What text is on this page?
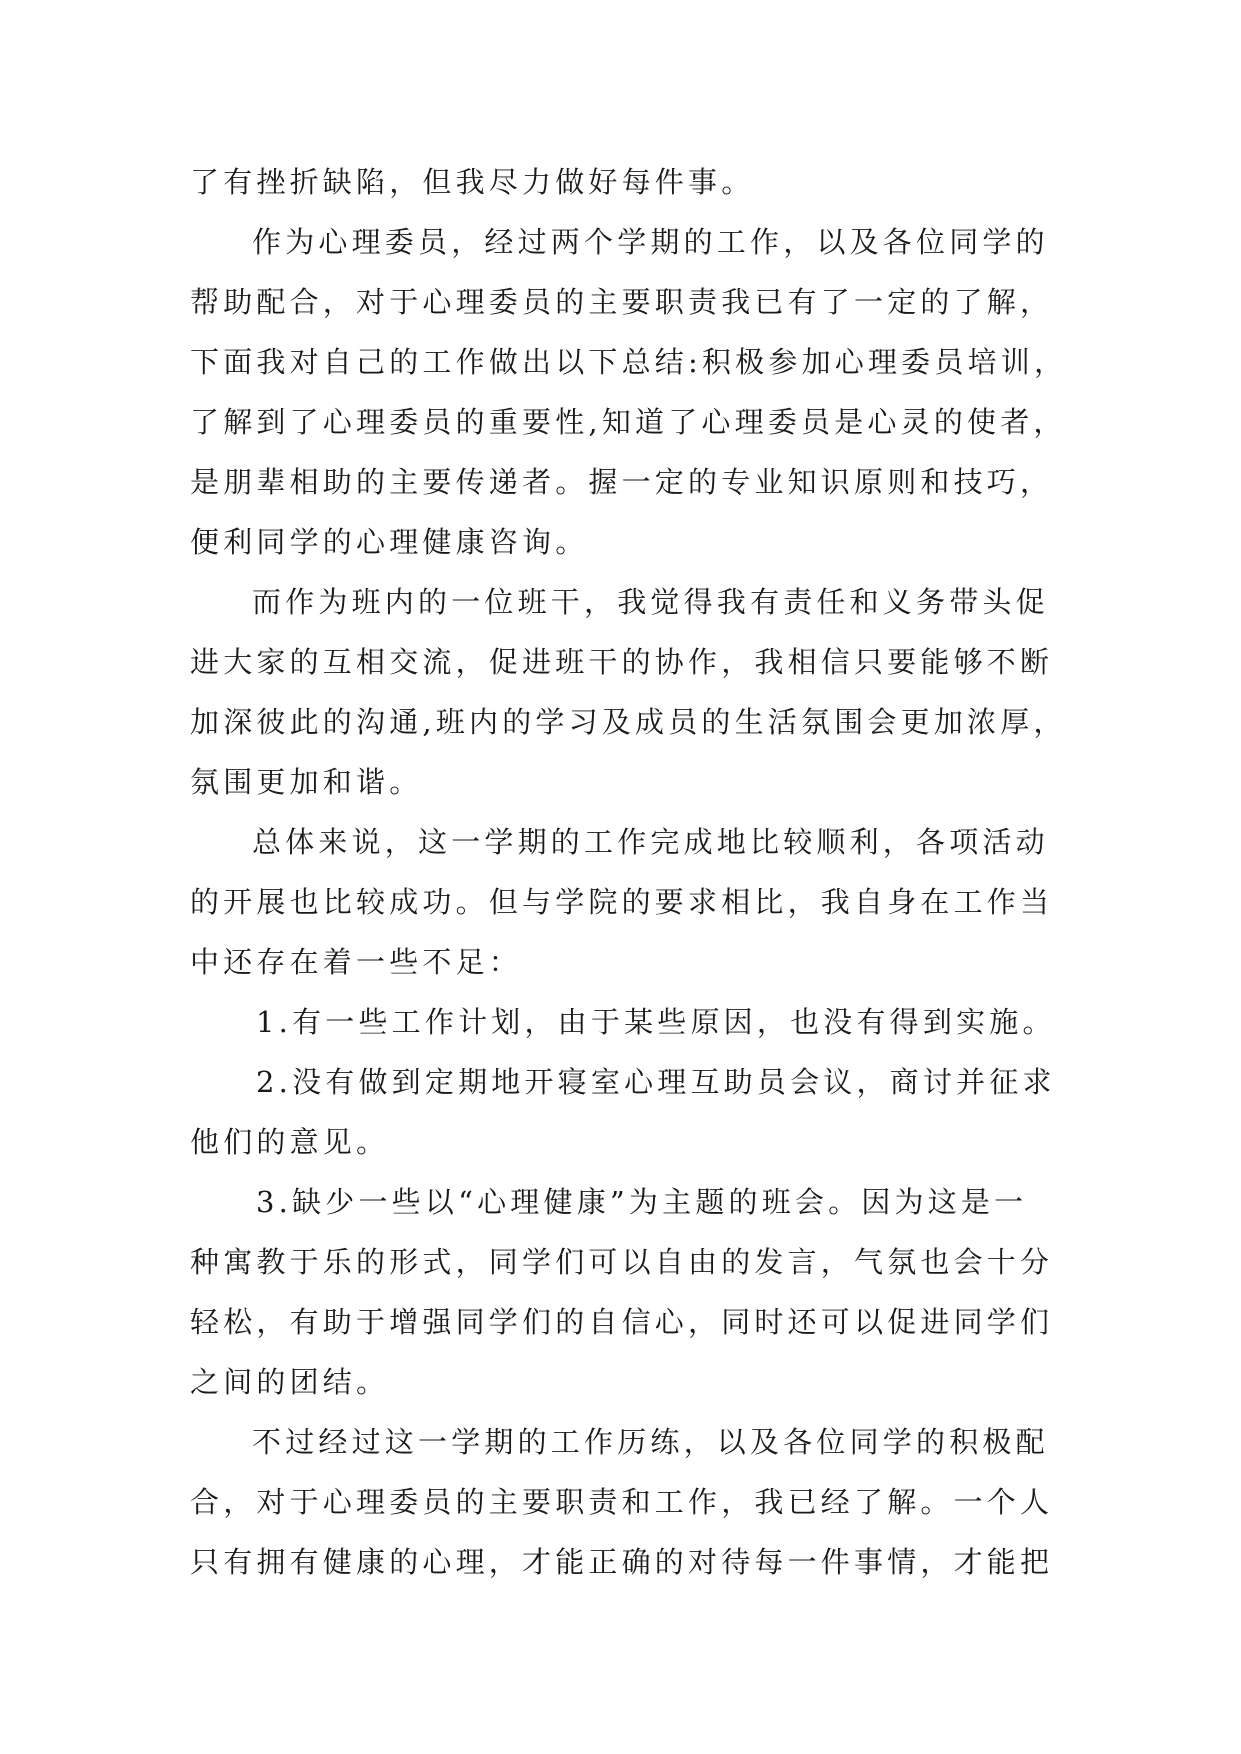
了有挫折缺陷，但我尽力做好每件事。
作为心理委员，经过两个学期的工作，以及各位同学的
帮助配合，对于心理委员的主要职责我已有了一定的了解，
下面我对自己的工作做出以下总结:积极参加心理委员培训，
了解到了心理委员的重要性,知道了心理委员是心灵的使者，
是朋辈相助的主要传递者。握一定的专业知识原则和技巧，
便利同学的心理健康咨询。
而作为班内的一位班干，我觉得我有责任和义务带头促
进大家的互相交流，促进班干的协作，我相信只要能够不断
加深彼此的沟通,班内的学习及成员的生活氛围会更加浓厚，
氛围更加和谐。
总体来说，这一学期的工作完成地比较顺利，各项活动
的开展也比较成功。但与学院的要求相比，我自身在工作当
中还存在着一些不足：
1.有一些工作计划，由于某些原因，也没有得到实施。
2.没有做到定期地开寝室心理互助员会议，商讨并征求
他们的意见。
3.缺少一些以“心理健康”为主题的班会。因为这是一
种寓教于乐的形式，同学们可以自由的发言，气氛也会十分
轻松，有助于增强同学们的自信心，同时还可以促进同学们
之间的团结。
不过经过这一学期的工作历练，以及各位同学的积极配
合，对于心理委员的主要职责和工作，我已经了解。一个人
只有拥有健康的心理，才能正确的对待每一件事情，才能把
